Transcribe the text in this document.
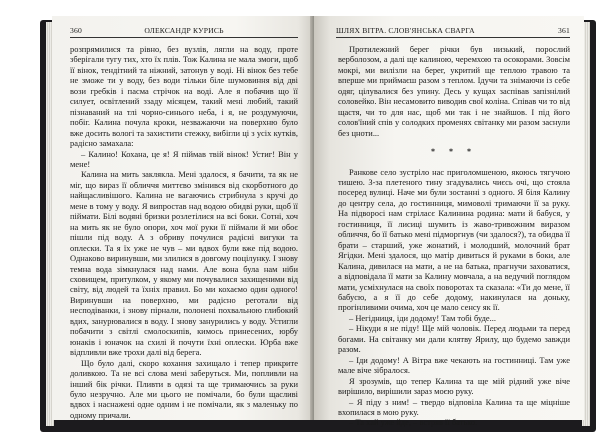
360	ОЛЕКСАНДР КУРИСЬ

розпрямилися та рівно, без вузлів, лягли на воду, проте зберігали тугу тих, хто їх плів. Тож Калина не мала змоги, щоб її вінок, тендітний та ніжний, затонув у воді. Ні вінок без тебе не зможе ти у воду, без води тільки біле шумовиння від дві вози гребків і пасма стрічок на воді. Але я побачив що її силует, освітлений ззаду місяцем, такий мені любий, такий пізнаваний на тлі чорно-синього неба, і я, не роздумуючи, побіг. Калина почула кроки, незважаючи на поверхню було вже досить вологі та захистити стежку, вибігли ці з усіх кутків, радісно замахала:

– Калино! Кохана, це я! Я піймав твій вінок! Устиг! Він у мене!

Калина на мить заклякла. Мені здалося, я бачити, та як не міг, що вираз її обличчя миттєво змінився від скорботного до найщасливішого. Калина не вагаючись стрибнула з кручі до мене в тому у воду. Я випростав над водою обидві руки, щоб її піймати. Білі водяні бризки розлетілися на всі боки. Сотні, хоч на мить як не було опори, хоч мої руки її піймали й ми обоє пішли під воду. А з обриву почулися радісні вигуки та оплески. Та я їх уже не чув – ми вдвох були вже під водою. Однаково виринувши, ми злилися в довгому поцілунку. І знову темна вода зімкнулася над нами. Але вона була нам ніби сховищем, притулком, у якому ми почувалися захищеними від світу, від людей та їхніх правил. Бо ми кохаємо один одного! Виринувши на поверхню, ми радісно реготали від несподіванки, і знову пірнали, полонені похвальною глибокий вдих, занурювалися в воду. І знову занурились у воду. Устигли побачити з світлі смолоскипів, кимось принесених, юрбу юнаків і юначок на схилі й почути їхні оплески. Юрба вже відпливли вже трохи далі від берега.

Що було далі, скоро кохання захищало і тепер прикрите доливкою. Та не всі слова мені заберуться. Ми, попливли на інший бік річки. Пливти в одязі та ще тримаючись за руки було незручно. Але ми цього не помічали, бо були щасливі вдвох і наснажені одне одним і не помічали, як з маленьку по одному причали.

ШЛЯХ ВІТРА. СЛОВ'ЯНСЬКА СВАРГА	361

Протилежний берег річки був низький, порослий верболозом, а далі ще калиною, черемхою та осокорами. Зовсім мокрі, ми вилізли на берег, укритий ще теплою травою та вперше ми приймаєш разом з теплом. Ідучи та знімаючи із себе одяг, цілувалися без упину. Десь у кущах заспівав запізнілий соловейко. Він несамовито виводив свої коліна. Співав чи то від щастя, чи то для нас, щоб ми так і не знайшов. І під його солов'їний спів у солодких променях світанку ми разом заснули без цноти...

* * *

Ранкове село зустріло нас приголомшеною, якоюсь тягучою тишею. З-за плетеного тину згадувались чиєсь очі, що стояла посеред вулиці. Наче ми були зостанні з одного. Я біля Калину до центру села, до гостинниця, мимоволі тримаючи її за руку. На підворосі нам стріласє Калинина родина: мати й бабуся, у гостинниця, її лисиці шумить із жаво-тривожним виразом обличчя, бо її батько мені підморгнув (чи здалося?), та обидва її брати – старший, уже жонатий, і молодший, молочний брат Ягідки. Мені здалося, що матір дивиться й руками в боки, але Калина, дивилася на мати, а не на батька, прагнучи заховатися, а відповідала її мати за Калину мовчала, а на ведучий поглядом мати, усміхнулася на своїх поворотах та сказала: «Ти до мене, її бабусю, а я її до себе додому, накинулася на доньку, прогінливими очима, хоч це мало сенсу як її.

– Негідниця, іди додому! Там тобі буде...

– Нікуди я не піду! Ще мій чоловік. Перед людьми та перед богами. На світанку ми дали клятву Ярилу, що будемо завжди разом.

– Іди додому! А Вітра вже чекають на гостинниці. Там уже мале віче зібралося.

Я зрозумів, що тепер Калина та ще мій рідний уже віче вирішило, вирішили зараз моєю руку.

– Я піду з ним! – твердо відповіла Калина та ще міцніше вхопилася в мою руку.

– Та хай уже йде, – встряв її батько.
